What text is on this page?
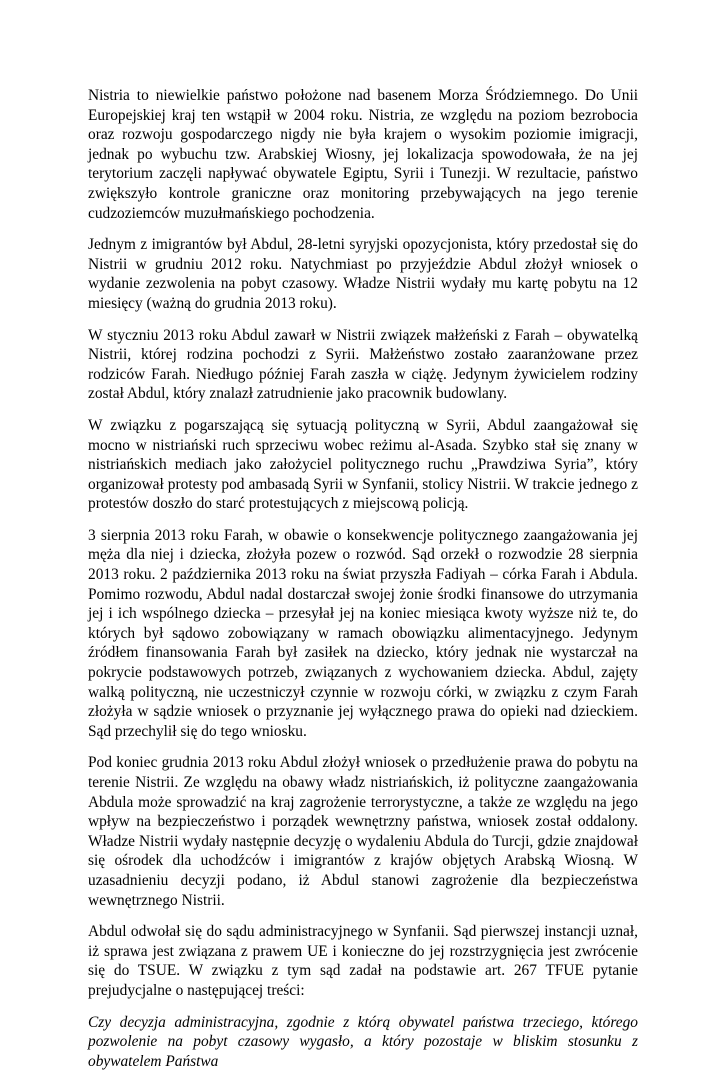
Nistria to niewielkie państwo położone nad basenem Morza Śródziemnego. Do Unii Europejskiej kraj ten wstąpił w 2004 roku. Nistria, ze względu na poziom bezrobocia oraz rozwoju gospodarczego nigdy nie była krajem o wysokim poziomie imigracji, jednak po wybuchu tzw. Arabskiej Wiosny, jej lokalizacja spowodowała, że na jej terytorium zaczęli napływać obywatele Egiptu, Syrii i Tunezji. W rezultacie, państwo zwiększyło kontrole graniczne oraz monitoring przebywających na jego terenie cudzoziemców muzułmańskiego pochodzenia.

Jednym z imigrantów był Abdul, 28-letni syryjski opozycjonista, który przedostał się do Nistrii w grudniu 2012 roku. Natychmiast po przyjeździe Abdul złożył wniosek o wydanie zezwolenia na pobyt czasowy. Władze Nistrii wydały mu kartę pobytu na 12 miesięcy (ważną do grudnia 2013 roku).

W styczniu 2013 roku Abdul zawarł w Nistrii związek małżeński z Farah – obywatelką Nistrii, której rodzina pochodzi z Syrii. Małżeństwo zostało zaaranżowane przez rodziców Farah. Niedługo później Farah zaszła w ciążę. Jedynym żywicielem rodziny został Abdul, który znalazł zatrudnienie jako pracownik budowlany.

W związku z pogarszającą się sytuacją polityczną w Syrii, Abdul zaangażował się mocno w nistriański ruch sprzeciwu wobec reżimu al-Asada. Szybko stał się znany w nistriańskich mediach jako założyciel politycznego ruchu „Prawdziwa Syria”, który organizował protesty pod ambasadą Syrii w Synfanii, stolicy Nistrii. W trakcie jednego z protestów doszło do starć protestujących z miejscową policją.

3 sierpnia 2013 roku Farah, w obawie o konsekwencje politycznego zaangażowania jej męża dla niej i dziecka, złożyła pozew o rozwód. Sąd orzekł o rozwodzie 28 sierpnia 2013 roku. 2 października 2013 roku na świat przyszła Fadiyah – córka Farah i Abdula. Pomimo rozwodu, Abdul nadal dostarczał swojej żonie środki finansowe do utrzymania jej i ich wspólnego dziecka – przesyłał jej na koniec miesiąca kwoty wyższe niż te, do których był sądowo zobowiązany w ramach obowiązku alimentacyjnego. Jedynym źródłem finansowania Farah był zasiłek na dziecko, który jednak nie wystarczał na pokrycie podstawowych potrzeb, związanych z wychowaniem dziecka. Abdul, zajęty walką polityczną, nie uczestniczył czynnie w rozwoju córki, w związku z czym Farah złożyła w sądzie wniosek o przyznanie jej wyłącznego prawa do opieki nad dzieckiem. Sąd przechylił się do tego wniosku.

Pod koniec grudnia 2013 roku Abdul złożył wniosek o przedłużenie prawa do pobytu na terenie Nistrii. Ze względu na obawy władz nistriańskich, iż polityczne zaangażowania Abdula może sprowadzić na kraj zagrożenie terrorystyczne, a także ze względu na jego wpływ na bezpieczeństwo i porządek wewnętrzny państwa, wniosek został oddalony. Władze Nistrii wydały następnie decyzję o wydaleniu Abdula do Turcji, gdzie znajdował się ośrodek dla uchodźców i imigrantów z krajów objętych Arabską Wiosną. W uzasadnieniu decyzji podano, iż Abdul stanowi zagrożenie dla bezpieczeństwa wewnętrznego Nistrii.

Abdul odwołał się do sądu administracyjnego w Synfanii. Sąd pierwszej instancji uznał, iż sprawa jest związana z prawem UE i konieczne do jej rozstrzygnięcia jest zwrócenie się do TSUE. W związku z tym sąd zadał na podstawie art. 267 TFUE pytanie prejudycjalne o następującej treści:

Czy decyzja administracyjna, zgodnie z którą obywatel państwa trzeciego, którego pozwolenie na pobyt czasowy wygasło, a który pozostaje w bliskim stosunku z obywatelem Państwa
